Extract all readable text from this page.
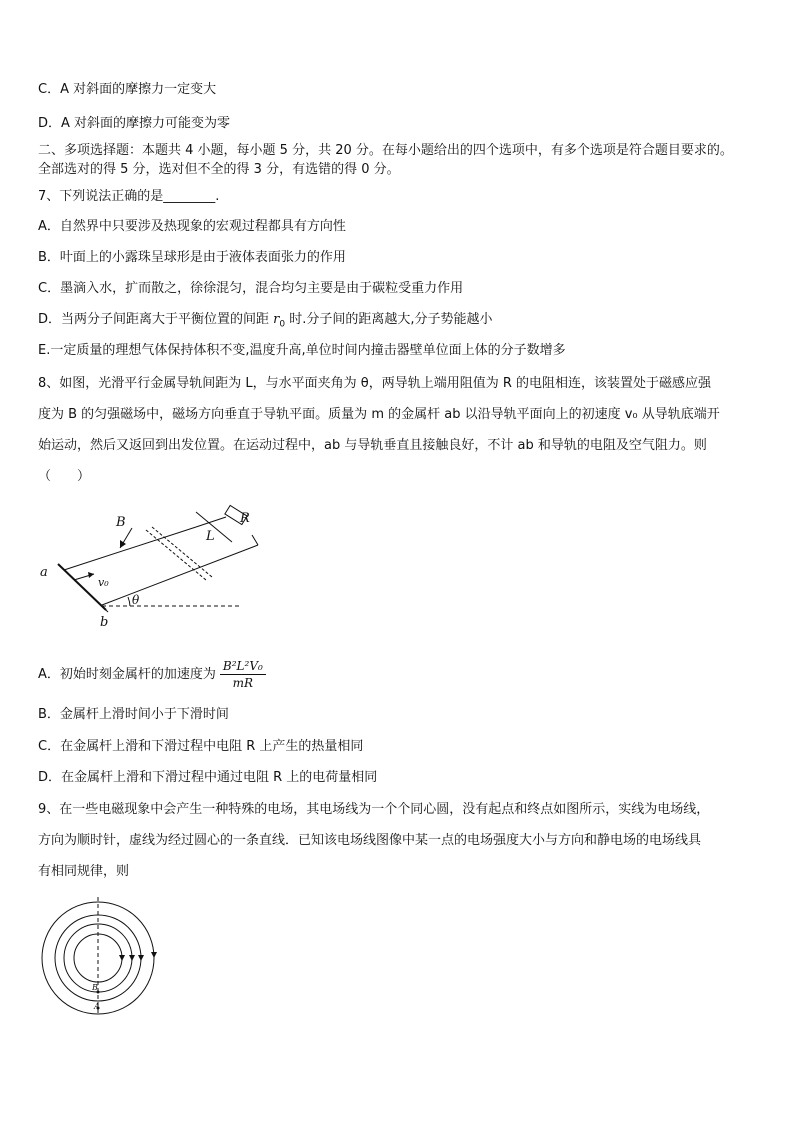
C．A 对斜面的摩擦力一定变大
D．A 对斜面的摩擦力可能变为零
二、多项选择题：本题共 4 小题，每小题 5 分，共 20 分。在每小题给出的四个选项中，有多个选项是符合题目要求的。
全部选对的得 5 分，选对但不全的得 3 分，有选错的得 0 分。
7、下列说法正确的是________.
A．自然界中只要涉及热现象的宏观过程都具有方向性
B．叶面上的小露珠呈球形是由于液体表面张力的作用
C．墨滴入水，扩而散之，徐徐混匀，混合均匀主要是由于碳粒受重力作用
D．当两分子间距离大于平衡位置的间距 $r_0$ 时.分子间的距离越大,分子势能越小
E.一定质量的理想气体保持体积不变,温度升高,单位时间内撞击器壁单位面上体的分子数增多
8、如图，光滑平行金属导轨间距为 L，与水平面夹角为 θ，两导轨上端用阻值为 R 的电阻相连，该装置处于磁感应强
度为 B 的匀强磁场中，磁场方向垂直于导轨平面。质量为 m 的金属杆 ab 以沿导轨平面向上的初速度 v₀ 从导轨底端开
始运动，然后又返回到出发位置。在运动过程中，ab 与导轨垂直且接触良好，不计 ab 和导轨的电阻及空气阻力。则
（　　）
B	R
L
a
b
v₀
θ
A．初始时刻金属杆的加速度为 $\frac{\text{B²L²V₀}}{mR}$
B．金属杆上滑时间小于下滑时间
C．在金属杆上滑和下滑过程中电阻 R 上产生的热量相同
D．在金属杆上滑和下滑过程中通过电阻 R 上的电荷量相同
9、在一些电磁现象中会产生一种特殊的电场，其电场线为一个个同心圆，没有起点和终点如图所示，实线为电场线，
方向为顺时针，虚线为经过圆心的一条直线．已知该电场线图像中某一点的电场强度大小与方向和静电场的电场线具
有相同规律，则
B
A
